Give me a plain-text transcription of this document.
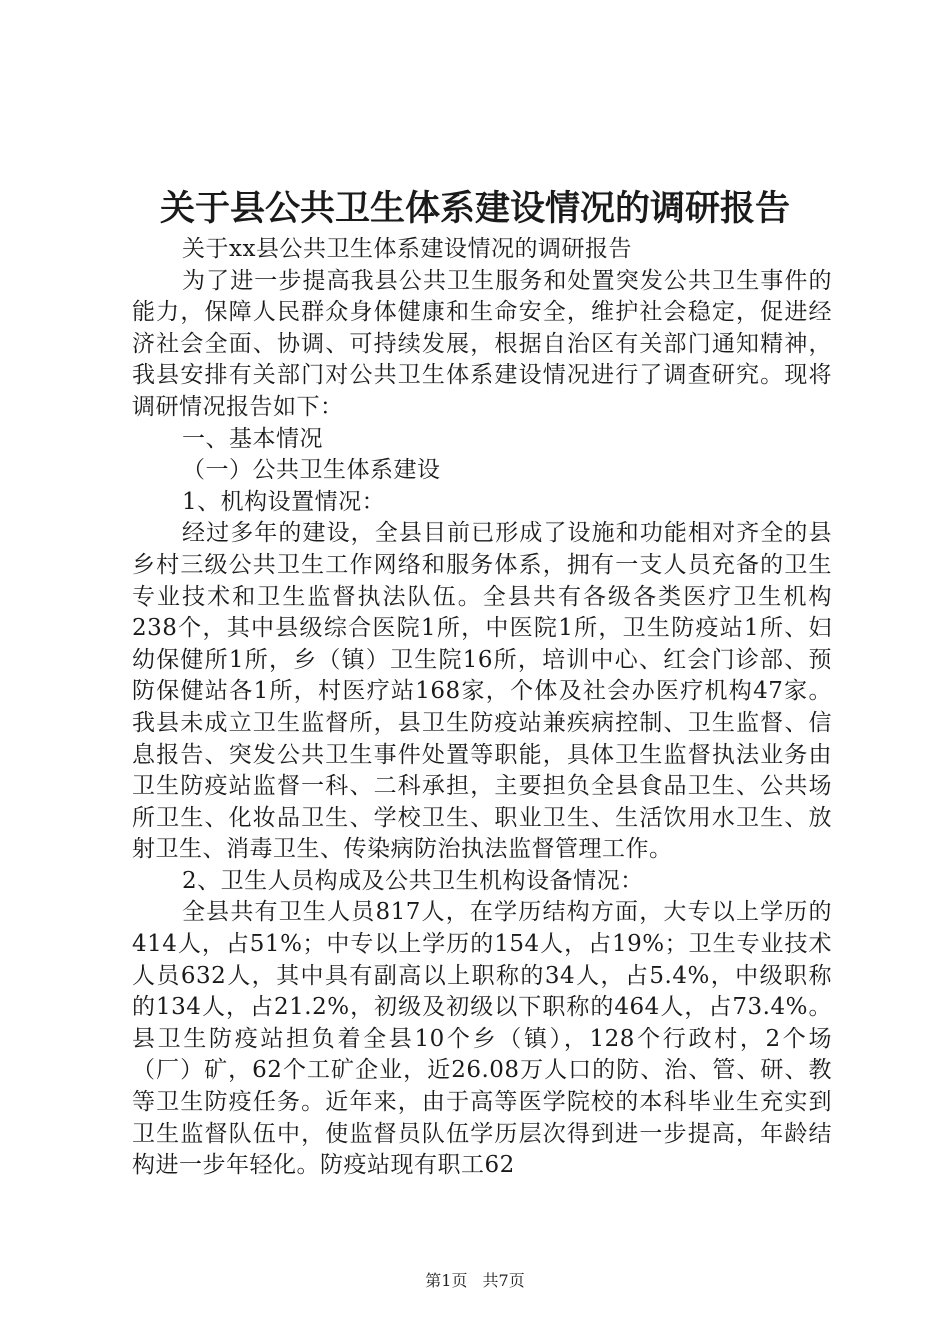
关于县公共卫生体系建设情况的调研报告

关于xx县公共卫生体系建设情况的调研报告

为了进一步提高我县公共卫生服务和处置突发公共卫生事件的能力，保障人民群众身体健康和生命安全，维护社会稳定，促进经济社会全面、协调、可持续发展，根据自治区有关部门通知精神，我县安排有关部门对公共卫生体系建设情况进行了调查研究。现将调研情况报告如下：

一、基本情况

（一）公共卫生体系建设

1、机构设置情况：

经过多年的建设，全县目前已形成了设施和功能相对齐全的县乡村三级公共卫生工作网络和服务体系，拥有一支人员充备的卫生专业技术和卫生监督执法队伍。全县共有各级各类医疗卫生机构238个，其中县级综合医院1所，中医院1所，卫生防疫站1所、妇幼保健所1所，乡（镇）卫生院16所，培训中心、红会门诊部、预防保健站各1所，村医疗站168家，个体及社会办医疗机构47家。我县未成立卫生监督所，县卫生防疫站兼疾病控制、卫生监督、信息报告、突发公共卫生事件处置等职能，具体卫生监督执法业务由卫生防疫站监督一科、二科承担，主要担负全县食品卫生、公共场所卫生、化妆品卫生、学校卫生、职业卫生、生活饮用水卫生、放射卫生、消毒卫生、传染病防治执法监督管理工作。

2、卫生人员构成及公共卫生机构设备情况：

全县共有卫生人员817人，在学历结构方面，大专以上学历的414人，占51%；中专以上学历的154人，占19%；卫生专业技术人员632人，其中具有副高以上职称的34人，占5.4%，中级职称的134人，占21.2%，初级及初级以下职称的464人，占73.4%。县卫生防疫站担负着全县10个乡（镇），128个行政村，2个场（厂）矿，62个工矿企业，近26.08万人口的防、治、管、研、教等卫生防疫任务。近年来，由于高等医学院校的本科毕业生充实到卫生监督队伍中，使监督员队伍学历层次得到进一步提高，年龄结构进一步年轻化。防疫站现有职工62

第1页 共7页
